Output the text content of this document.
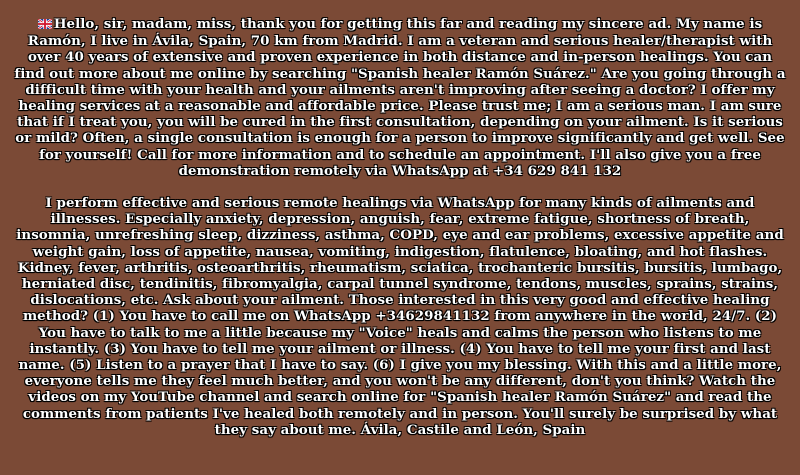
Hello, sir, madam, miss, thank you for getting this far and reading my sincere ad. My name is Ramón, I live in Ávila, Spain, 70 km from Madrid. I am a veteran and serious healer/therapist with over 40 years of extensive and proven experience in both distance and in-person healings. You can find out more about me online by searching "Spanish healer Ramón Suárez." Are you going through a difficult time with your health and your ailments aren't improving after seeing a doctor? I offer my healing services at a reasonable and affordable price. Please trust me; I am a serious man. I am sure that if I treat you, you will be cured in the first consultation, depending on your ailment. Is it serious or mild? Often, a single consultation is enough for a person to improve significantly and get well. See for yourself! Call for more information and to schedule an appointment. I'll also give you a free demonstration remotely via WhatsApp at +34 629 841 132

I perform effective and serious remote healings via WhatsApp for many kinds of ailments and illnesses. Especially anxiety, depression, anguish, fear, extreme fatigue, shortness of breath, insomnia, unrefreshing sleep, dizziness, asthma, COPD, eye and ear problems, excessive appetite and weight gain, loss of appetite, nausea, vomiting, indigestion, flatulence, bloating, and hot flashes. Kidney, fever, arthritis, osteoarthritis, rheumatism, sciatica, trochanteric bursitis, bursitis, lumbago, herniated disc, tendinitis, fibromyalgia, carpal tunnel syndrome, tendons, muscles, sprains, strains, dislocations, etc. Ask about your ailment. Those interested in this very good and effective healing method? (1) You have to call me on WhatsApp +34629841132 from anywhere in the world, 24/7. (2) You have to talk to me a little because my "Voice" heals and calms the person who listens to me instantly. (3) You have to tell me your ailment or illness. (4) You have to tell me your first and last name. (5) Listen to a prayer that I have to say. (6) I give you my blessing. With this and a little more, everyone tells me they feel much better, and you won't be any different, don't you think? Watch the videos on my YouTube channel and search online for "Spanish healer Ramón Suárez" and read the comments from patients I've healed both remotely and in person. You'll surely be surprised by what they say about me. Ávila, Castile and León, Spain
